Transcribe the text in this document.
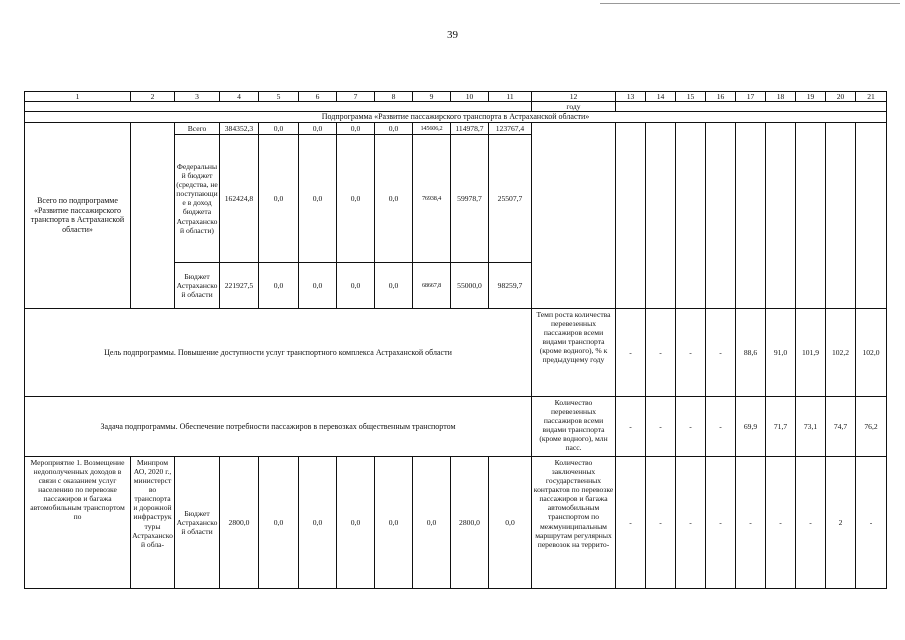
39
1	2	3	4	5	6	7	8	9	10	11	12	13	14	15	16	17	18	19	20	21
											году									
Подпрограмма «Развитие пассажирского транспорта в Астраханской области»																				
Всего по подпрограмме «Развитие пассажирского транспорта в Астраханской области»		Всего	384352,3	0,0	0,0	0,0	0,0	145606,2	114978,7	123767,4										
		Федеральный бюджет (средства, не поступающие в доход бюджета Астраханской области)	162424,8	0,0	0,0	0,0	0,0	76938,4	59978,7	25507,7										
		Бюджет Астраханской области	221927,5	0,0	0,0	0,0	0,0	68667,8	55000,0	98259,7										
Цель подпрограммы. Повышение доступности услуг транспортного комплекса Астраханской области											Темп роста количества перевезенных пассажиров всеми видами транспорта (кроме водного), % к предыдущему году	-	-	-	-	88,6	91,0	101,9	102,2	102,0
Задача подпрограммы. Обеспечение потребности пассажиров в перевозках общественным транспортом											Количество перевезенных пассажиров всеми видами транспорта (кроме водного), млн пасс.	-	-	-	-	69,9	71,7	73,1	74,7	76,2
Мероприятие 1. Возмещение недополученных доходов в связи с оказанием услуг населению по перевозке пассажиров и багажа автомобильным транспортом по	Минпром АО, 2020 г., министерство транспорта и дорожной инфраструктуры Астраханской обла-	Бюджет Астраханской области	2800,0	0,0	0,0	0,0	0,0	0,0	2800,0	0,0	Количество заключенных государственных контрактов по перевозке пассажиров и багажа автомобильным транспортом по межмуниципальным маршрутам регулярных перевозок на террито-	-	-	-	-	-	-	-	2	-
